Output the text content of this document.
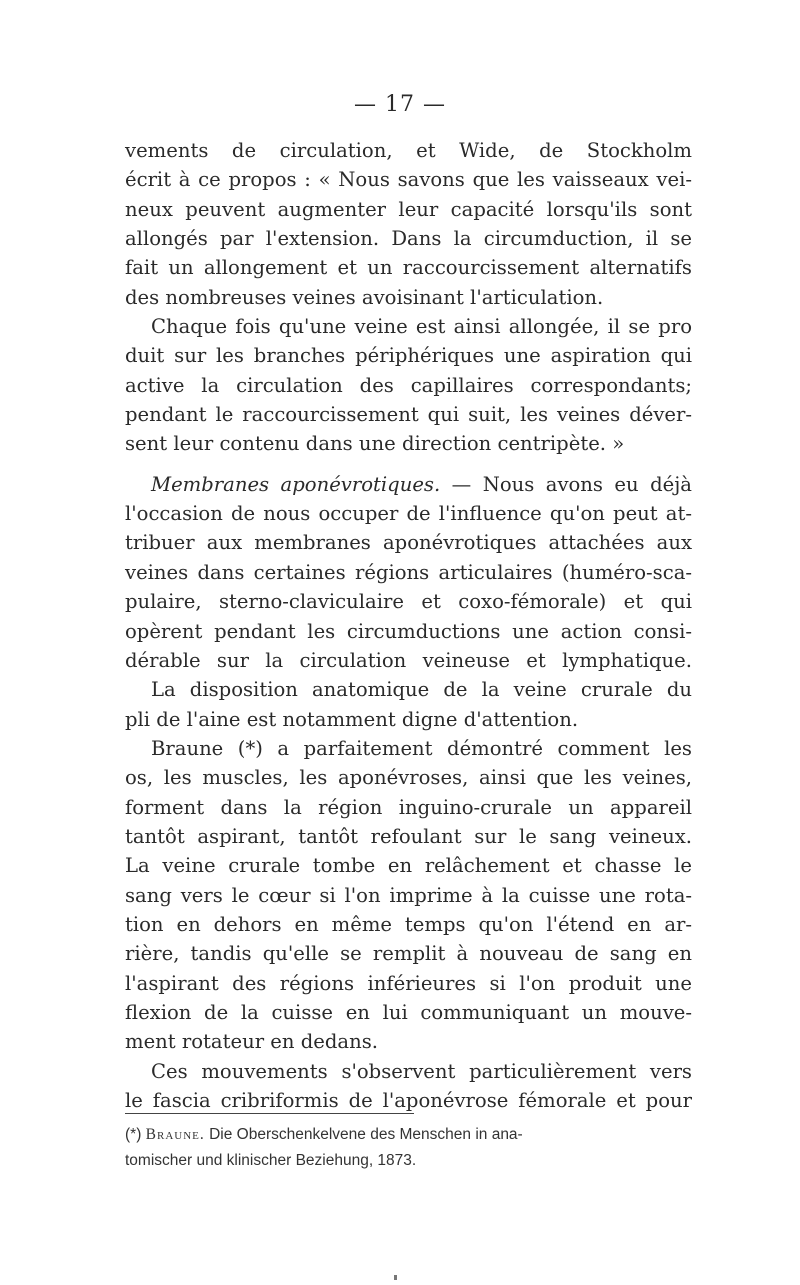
— 17 —

vements de circulation, et Wide, de Stockholm
écrit à ce propos : « Nous savons que les vaisseaux vei-
neux peuvent augmenter leur capacité lorsqu'ils sont
allongés par l'extension. Dans la circumduction, il se
fait un allongement et un raccourcissement alternatifs
des nombreuses veines avoisinant l'articulation.
Chaque fois qu'une veine est ainsi allongée, il se pro
duit sur les branches périphériques une aspiration qui
active la circulation des capillaires correspondants;
pendant le raccourcissement qui suit, les veines déver-
sent leur contenu dans une direction centripète. »

Membranes aponévrotiques. — Nous avons eu déjà
l'occasion de nous occuper de l'influence qu'on peut at-
tribuer aux membranes aponévrotiques attachées aux
veines dans certaines régions articulaires (huméro-sca-
pulaire, sterno-claviculaire et coxo-fémorale) et qui
opèrent pendant les circumductions une action consi-
dérable sur la circulation veineuse et lymphatique.
La disposition anatomique de la veine crurale du
pli de l'aine est notamment digne d'attention.
Braune (*) a parfaitement démontré comment les
os, les muscles, les aponévroses, ainsi que les veines,
forment dans la région inguino-crurale un appareil
tantôt aspirant, tantôt refoulant sur le sang veineux.
La veine crurale tombe en relâchement et chasse le
sang vers le cœur si l'on imprime à la cuisse une rota-
tion en dehors en même temps qu'on l'étend en ar-
rière, tandis qu'elle se remplit à nouveau de sang en
l'aspirant des régions inférieures si l'on produit une
flexion de la cuisse en lui communiquant un mouve-
ment rotateur en dedans.
Ces mouvements s'observent particulièrement vers
le fascia cribriformis de l'aponévrose fémorale et pour

(*) Braune. Die Oberschenkelvene des Menschen in ana-
tomischer und klinischer Beziehung, 1873.
